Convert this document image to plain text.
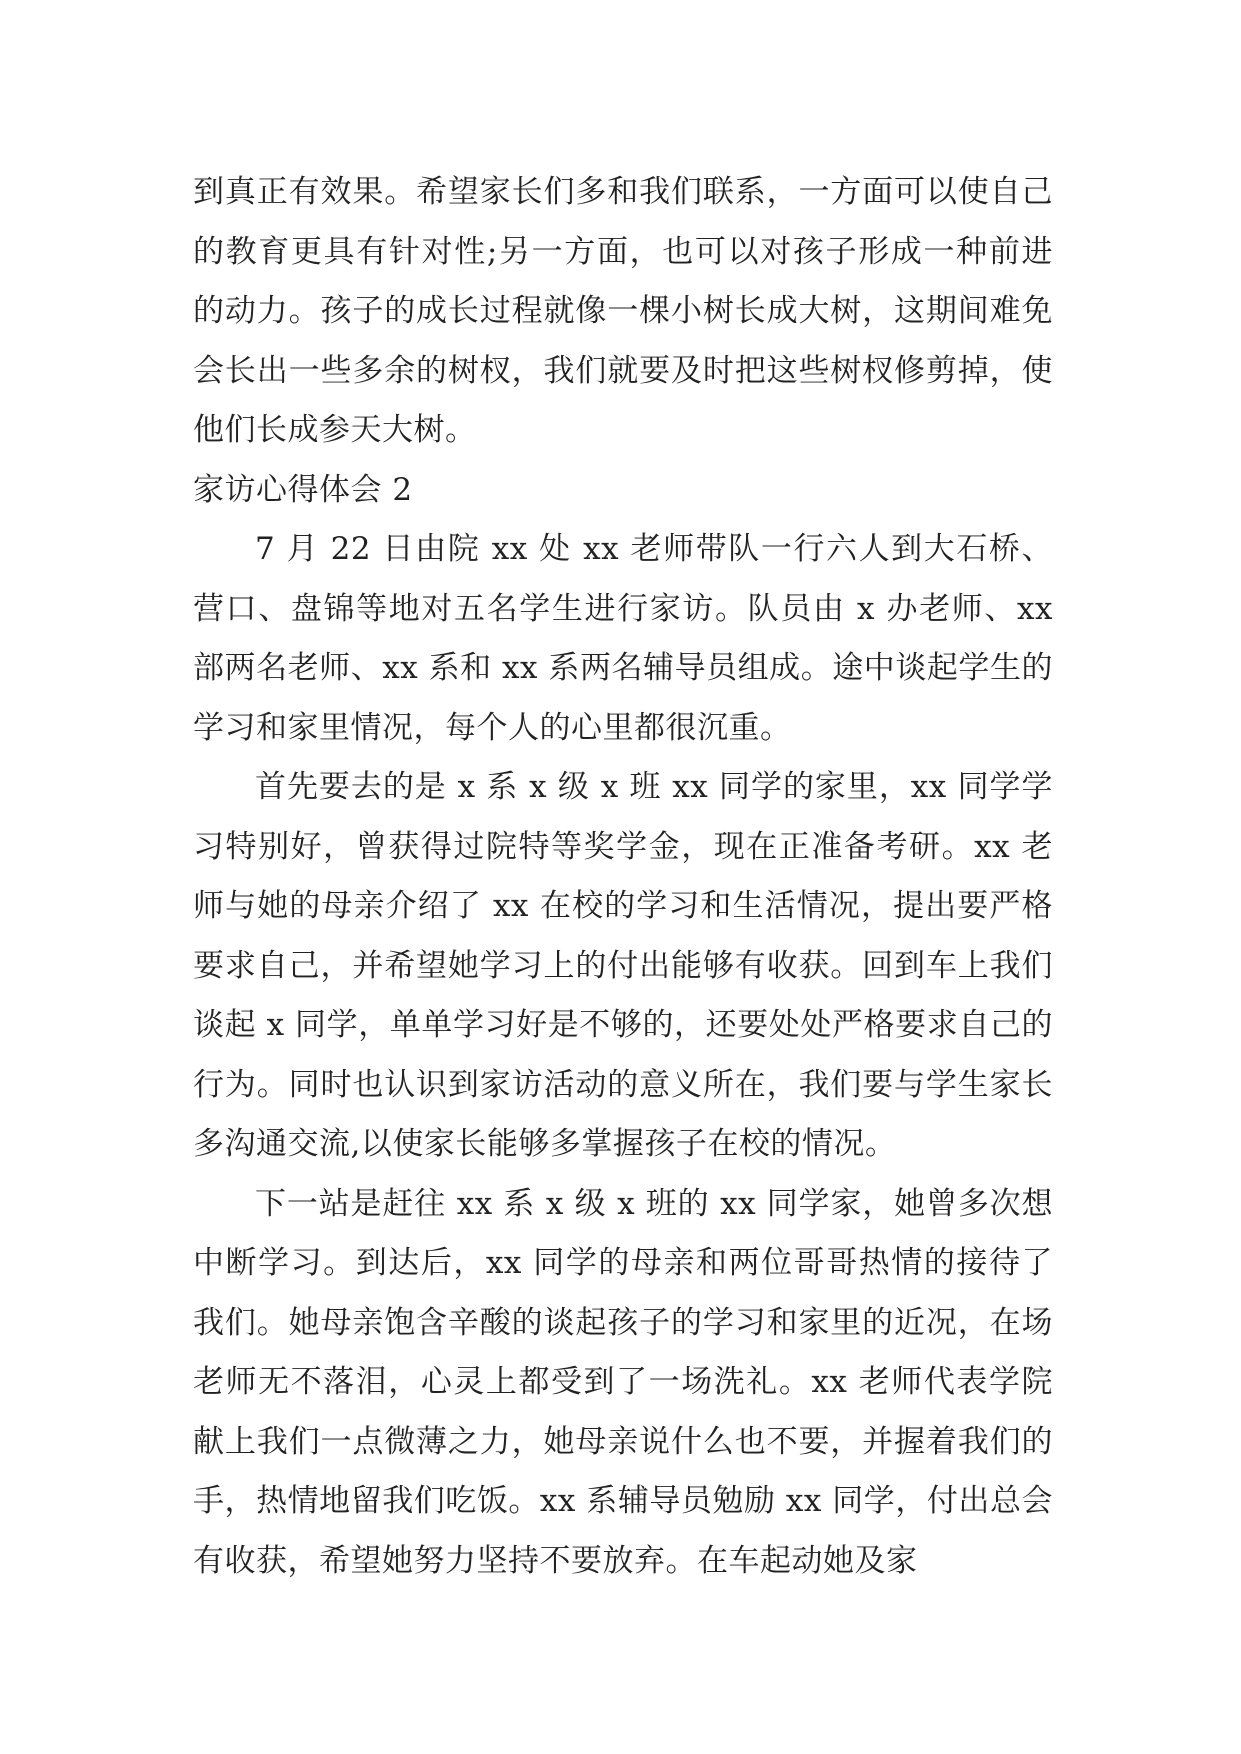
到真正有效果。希望家长们多和我们联系，一方面可以使自己的教育更具有针对性;另一方面，也可以对孩子形成一种前进的动力。孩子的成长过程就像一棵小树长成大树，这期间难免会长出一些多余的树杈，我们就要及时把这些树杈修剪掉，使他们长成参天大树。

家访心得体会 2

7 月 22 日由院 xx 处 xx 老师带队一行六人到大石桥、营口、盘锦等地对五名学生进行家访。队员由 x 办老师、xx 部两名老师、xx 系和 xx 系两名辅导员组成。途中谈起学生的学习和家里情况，每个人的心里都很沉重。

首先要去的是 x 系 x 级 x 班 xx 同学的家里，xx 同学学习特别好，曾获得过院特等奖学金，现在正准备考研。xx 老师与她的母亲介绍了 xx 在校的学习和生活情况，提出要严格要求自己，并希望她学习上的付出能够有收获。回到车上我们谈起 x 同学，单单学习好是不够的，还要处处严格要求自己的行为。同时也认识到家访活动的意义所在，我们要与学生家长多沟通交流,以使家长能够多掌握孩子在校的情况。

下一站是赶往 xx 系 x 级 x 班的 xx 同学家，她曾多次想中断学习。到达后，xx 同学的母亲和两位哥哥热情的接待了我们。她母亲饱含辛酸的谈起孩子的学习和家里的近况，在场老师无不落泪，心灵上都受到了一场洗礼。xx 老师代表学院献上我们一点微薄之力，她母亲说什么也不要，并握着我们的手，热情地留我们吃饭。xx 系辅导员勉励 xx 同学，付出总会有收获，希望她努力坚持不要放弃。在车起动她及家
